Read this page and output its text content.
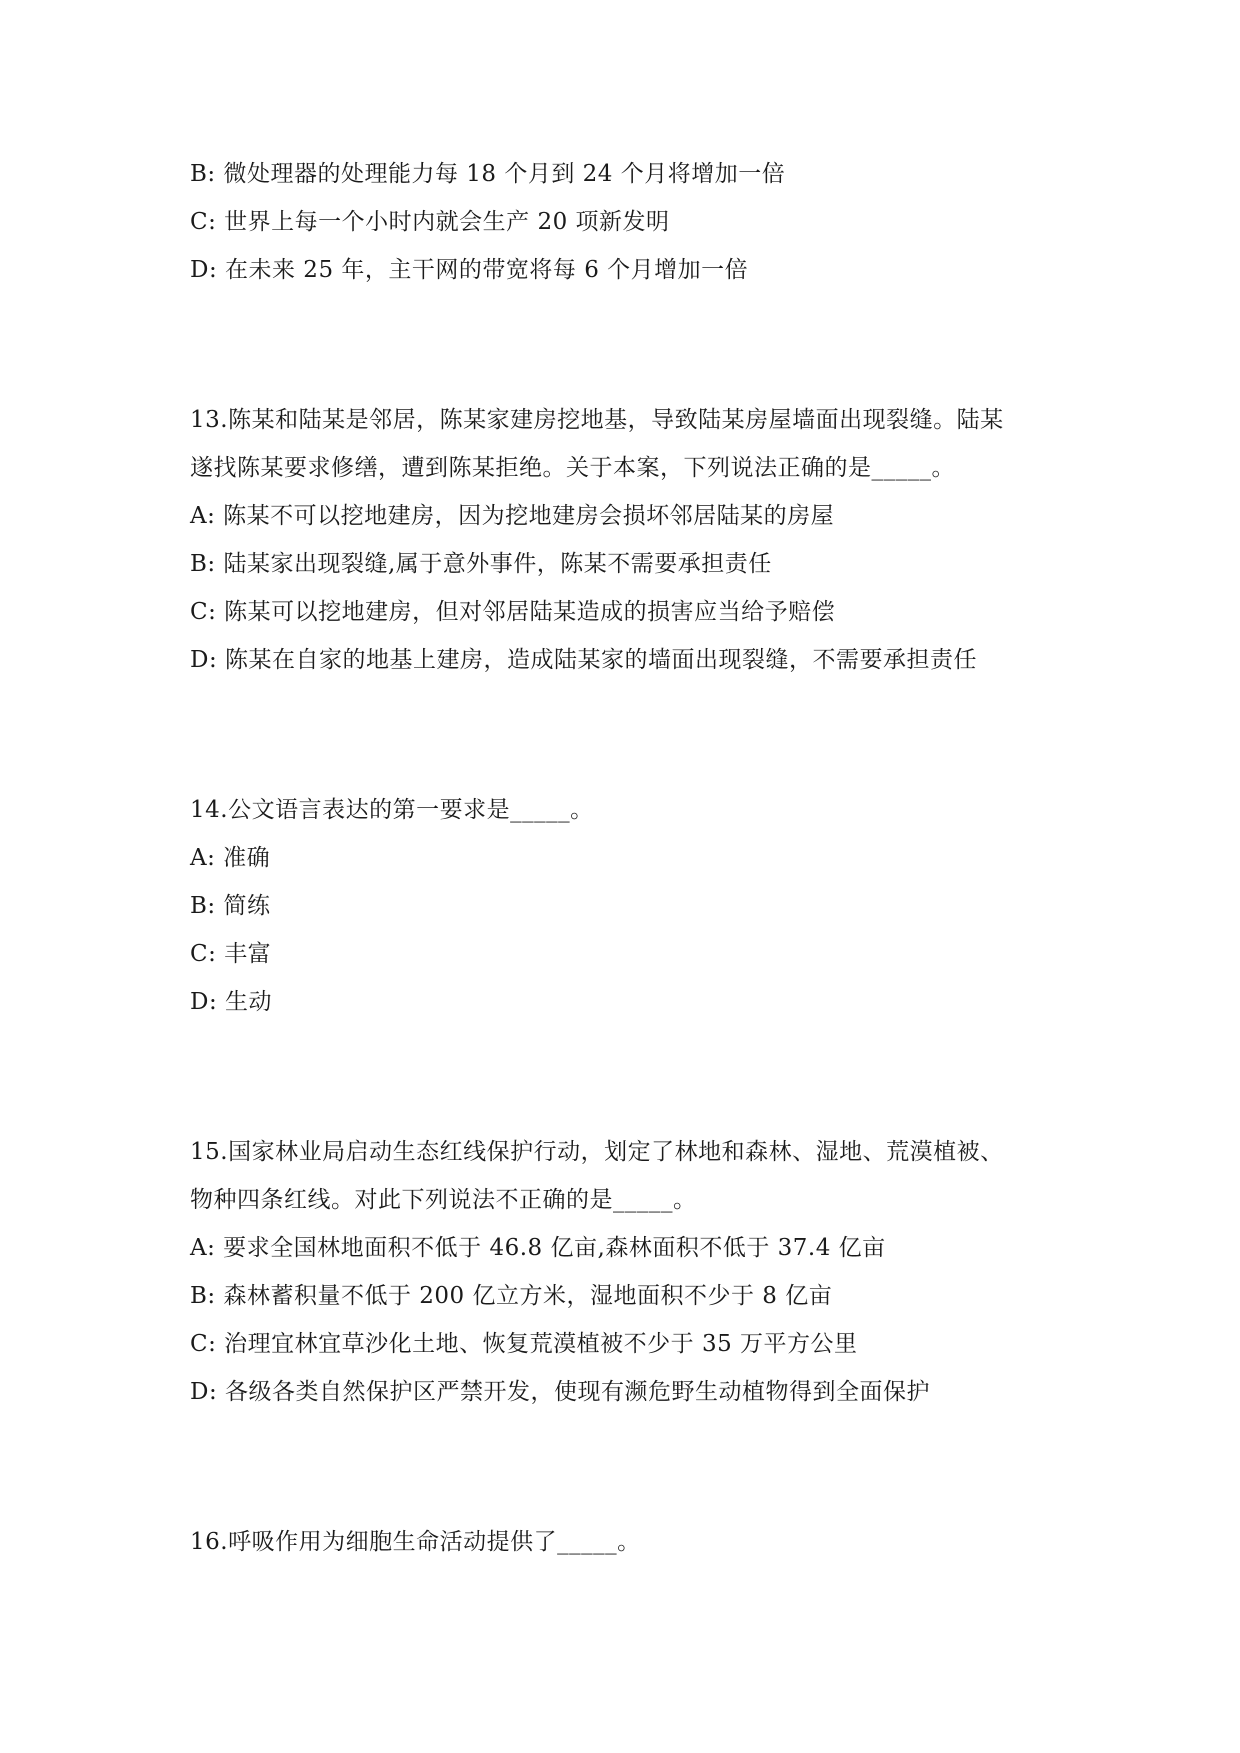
B: 微处理器的处理能力每 18 个月到 24 个月将增加一倍
C: 世界上每一个小时内就会生产 20 项新发明
D: 在未来 25 年，主干网的带宽将每 6 个月增加一倍
13.陈某和陆某是邻居，陈某家建房挖地基，导致陆某房屋墙面出现裂缝。陆某
遂找陈某要求修缮，遭到陈某拒绝。关于本案，下列说法正确的是_____。
A: 陈某不可以挖地建房，因为挖地建房会损坏邻居陆某的房屋
B: 陆某家出现裂缝,属于意外事件，陈某不需要承担责任
C: 陈某可以挖地建房，但对邻居陆某造成的损害应当给予赔偿
D: 陈某在自家的地基上建房，造成陆某家的墙面出现裂缝，不需要承担责任
14.公文语言表达的第一要求是_____。
A: 准确
B: 简练
C: 丰富
D: 生动
15.国家林业局启动生态红线保护行动，划定了林地和森林、湿地、荒漠植被、
物种四条红线。对此下列说法不正确的是_____。
A: 要求全国林地面积不低于 46.8 亿亩,森林面积不低于 37.4 亿亩
B: 森林蓄积量不低于 200 亿立方米，湿地面积不少于 8 亿亩
C: 治理宜林宜草沙化土地、恢复荒漠植被不少于 35 万平方公里
D: 各级各类自然保护区严禁开发，使现有濒危野生动植物得到全面保护
16.呼吸作用为细胞生命活动提供了_____。
